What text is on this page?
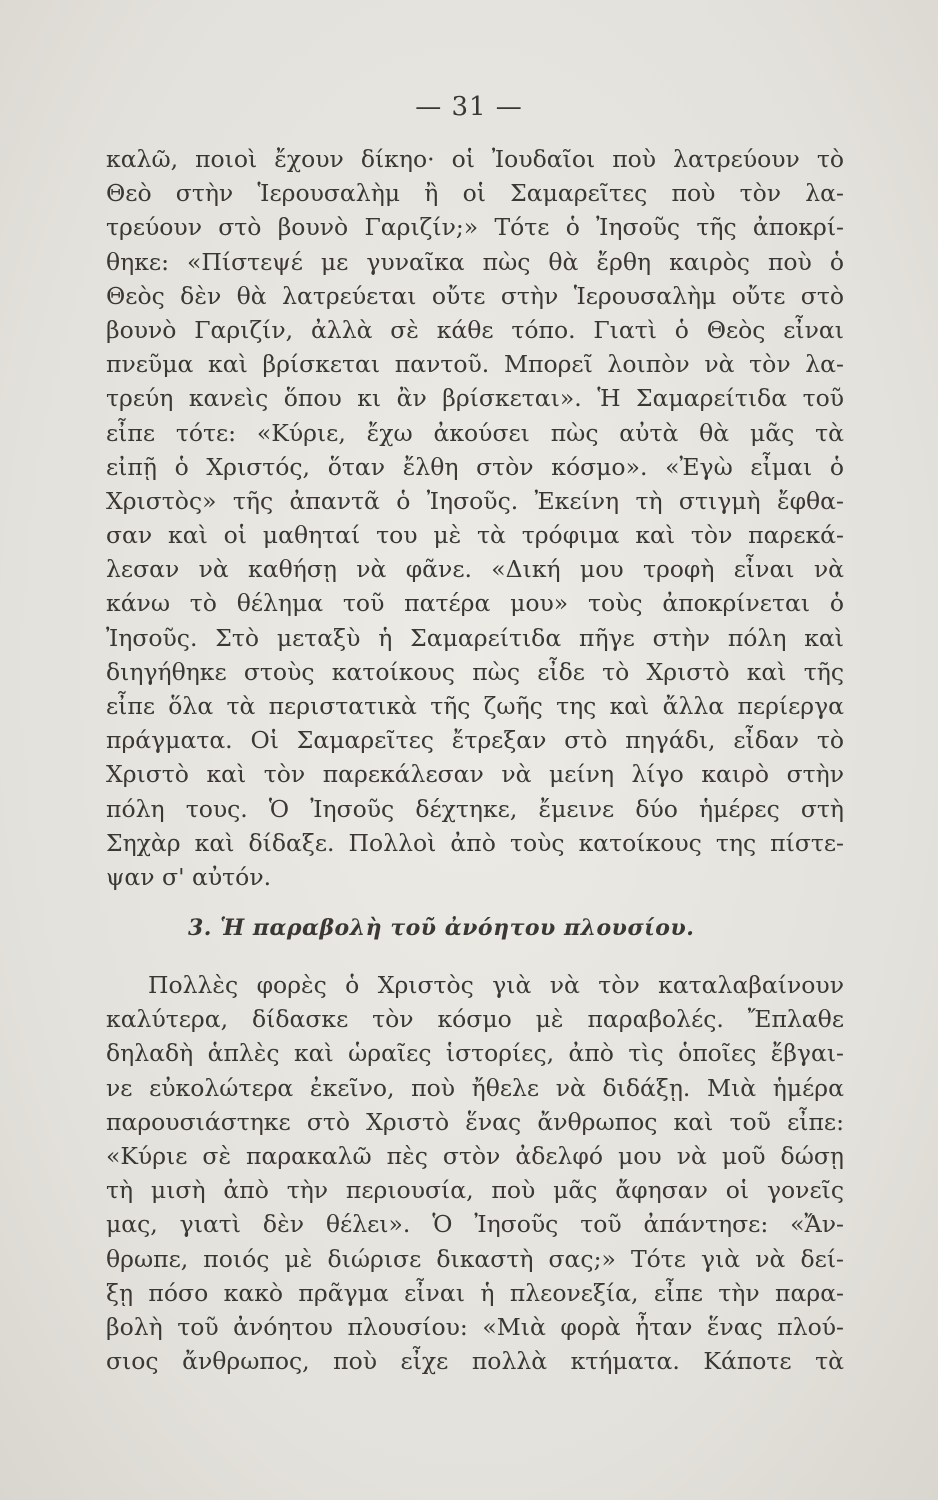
— 31 —
καλῶ, ποιοὶ ἔχουν δίκηο· οἱ Ἰουδαῖοι ποὺ λατρεύουν τὸ
Θεὸ στὴν Ἱερουσαλὴμ ἢ οἱ Σαμαρεῖτες ποὺ τὸν λα-
τρεύουν στὸ βουνὸ Γαριζίν;» Τότε ὁ Ἰησοῦς τῆς ἀποκρί-
θηκε: «Πίστεψέ με γυναῖκα πὼς θὰ ἔρθη καιρὸς ποὺ ὁ
Θεὸς δὲν θὰ λατρεύεται οὔτε στὴν Ἱερουσαλὴμ οὔτε στὸ
βουνὸ Γαριζίν, ἀλλὰ σὲ κάθε τόπο. Γιατὶ ὁ Θεὸς εἶναι
πνεῦμα καὶ βρίσκεται παντοῦ. Μπορεῖ λοιπὸν νὰ τὸν λα-
τρεύη κανεὶς ὅπου κι ἂν βρίσκεται». Ἡ Σαμαρείτιδα τοῦ
εἶπε τότε: «Κύριε, ἔχω ἀκούσει πὼς αὐτὰ θὰ μᾶς τὰ
εἰπῇ ὁ Χριστός, ὅταν ἔλθη στὸν κόσμο». «Ἐγὼ εἶμαι ὁ
Χριστὸς» τῆς ἀπαντᾶ ὁ Ἰησοῦς. Ἐκείνη τὴ στιγμὴ ἔφθα-
σαν καὶ οἱ μαθηταί του μὲ τὰ τρόφιμα καὶ τὸν παρεκά-
λεσαν νὰ καθήσῃ νὰ φᾶνε. «Δική μου τροφὴ εἶναι νὰ
κάνω τὸ θέλημα τοῦ πατέρα μου» τοὺς ἀποκρίνεται ὁ
Ἰησοῦς. Στὸ μεταξὺ ἡ Σαμαρείτιδα πῆγε στὴν πόλη καὶ
διηγήθηκε στοὺς κατοίκους πὼς εἶδε τὸ Χριστὸ καὶ τῆς
εἶπε ὅλα τὰ περιστατικὰ τῆς ζωῆς της καὶ ἄλλα περίεργα
πράγματα. Οἱ Σαμαρεῖτες ἔτρεξαν στὸ πηγάδι, εἶδαν τὸ
Χριστὸ καὶ τὸν παρεκάλεσαν νὰ μείνη λίγο καιρὸ στὴν
πόλη τους. Ὁ Ἰησοῦς δέχτηκε, ἔμεινε δύο ἡμέρες στὴ
Σηχὰρ καὶ δίδαξε. Πολλοὶ ἀπὸ τοὺς κατοίκους της πίστε-
ψαν σ' αὐτόν.
3. Ἡ παραβολὴ τοῦ ἀνόητου πλουσίου.
Πολλὲς φορὲς ὁ Χριστὸς γιὰ νὰ τὸν καταλαβαίνουν
καλύτερα, δίδασκε τὸν κόσμο μὲ παραβολές. Ἔπλαθε
δηλαδὴ ἁπλὲς καὶ ὡραῖες ἱστορίες, ἀπὸ τὶς ὁποῖες ἔβγαι-
νε εὐκολώτερα ἐκεῖνο, ποὺ ἤθελε νὰ διδάξῃ. Μιὰ ἡμέρα
παρουσιάστηκε στὸ Χριστὸ ἕνας ἄνθρωπος καὶ τοῦ εἶπε:
«Κύριε σὲ παρακαλῶ πὲς στὸν ἀδελφό μου νὰ μοῦ δώσῃ
τὴ μισὴ ἀπὸ τὴν περιουσία, ποὺ μᾶς ἄφησαν οἱ γονεῖς
μας, γιατὶ δὲν θέλει». Ὁ Ἰησοῦς τοῦ ἀπάντησε: «Ἄν-
θρωπε, ποιός μὲ διώρισε δικαστὴ σας;» Τότε γιὰ νὰ δεί-
ξῃ πόσο κακὸ πρᾶγμα εἶναι ἡ πλεονεξία, εἶπε τὴν παρα-
βολὴ τοῦ ἀνόητου πλουσίου: «Μιὰ φορὰ ἦταν ἕνας πλού-
σιος ἄνθρωπος, ποὺ εἶχε πολλὰ κτήματα. Κάποτε τὰ
